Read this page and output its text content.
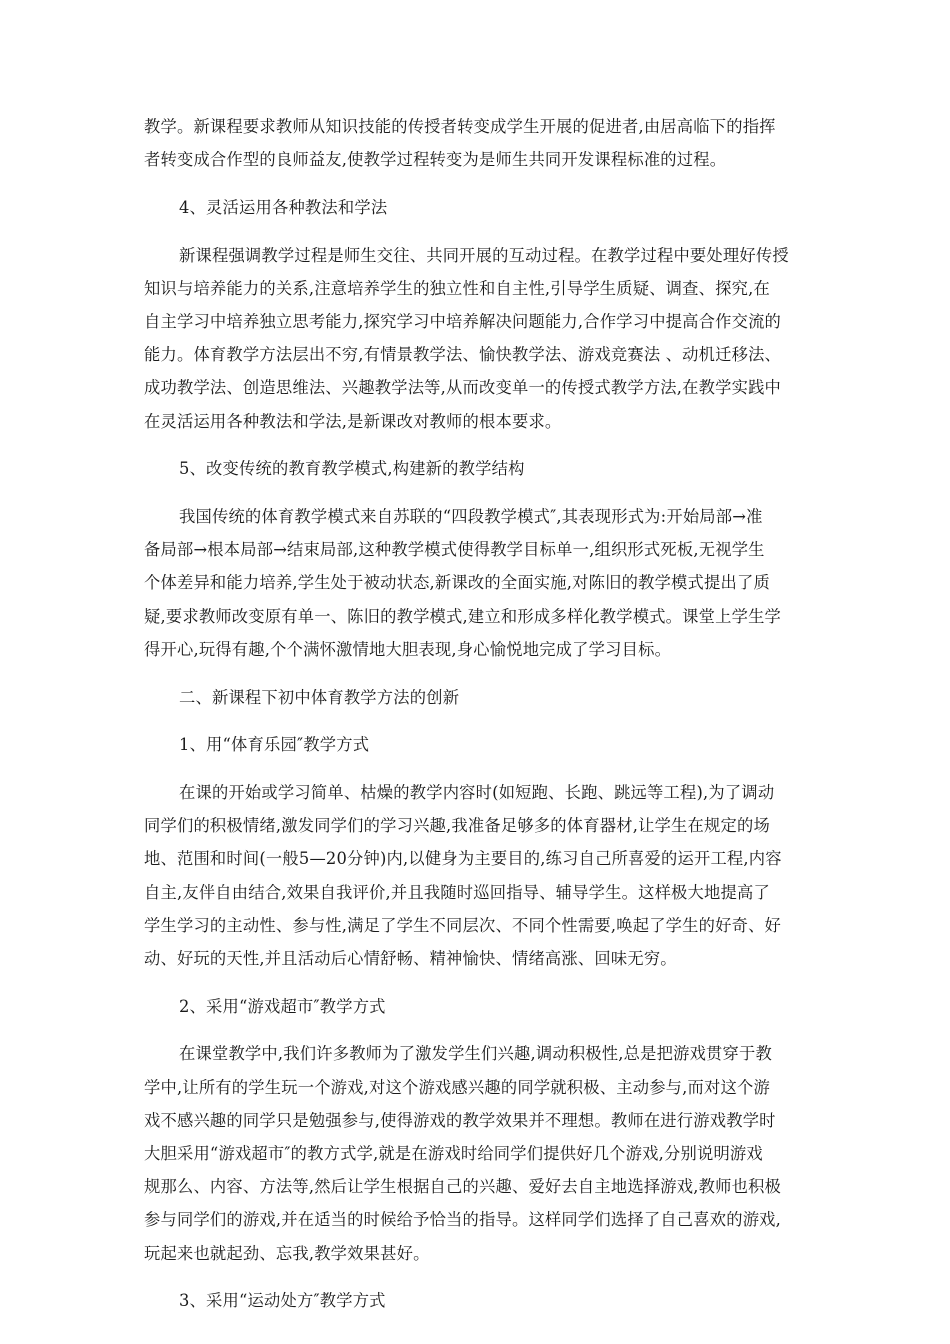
教学。新课程要求教师从知识技能的传授者转变成学生开展的促进者,由居高临下的指挥
者转变成合作型的良师益友,使教学过程转变为是师生共同开发课程标准的过程。
4、灵活运用各种教法和学法
新课程强调教学过程是师生交往、共同开展的互动过程。在教学过程中要处理好传授
知识与培养能力的关系,注意培养学生的独立性和自主性,引导学生质疑、调查、探究,在
自主学习中培养独立思考能力,探究学习中培养解决问题能力,合作学习中提高合作交流的
能力。体育教学方法层出不穷,有情景教学法、愉快教学法、游戏竞赛法 、动机迁移法、
成功教学法、创造思维法、兴趣教学法等,从而改变单一的传授式教学方法,在教学实践中
在灵活运用各种教法和学法,是新课改对教师的根本要求。
5、改变传统的教育教学模式,构建新的教学结构
我国传统的体育教学模式来自苏联的“四段教学模式″,其表现形式为:开始局部→准
备局部→根本局部→结束局部,这种教学模式使得教学目标单一,组织形式死板,无视学生
个体差异和能力培养,学生处于被动状态,新课改的全面实施,对陈旧的教学模式提出了质
疑,要求教师改变原有单一、陈旧的教学模式,建立和形成多样化教学模式。课堂上学生学
得开心,玩得有趣,个个满怀激情地大胆表现,身心愉悦地完成了学习目标。
二、新课程下初中体育教学方法的创新
1、用“体育乐园″教学方式
在课的开始或学习简单、枯燥的教学内容时(如短跑、长跑、跳远等工程),为了调动
同学们的积极情绪,激发同学们的学习兴趣,我准备足够多的体育器材,让学生在规定的场
地、范围和时间(一般5—20分钟)内,以健身为主要目的,练习自己所喜爱的运开工程,内容
自主,友伴自由结合,效果自我评价,并且我随时巡回指导、辅导学生。这样极大地提高了
学生学习的主动性、参与性,满足了学生不同层次、不同个性需要,唤起了学生的好奇、好
动、好玩的天性,并且活动后心情舒畅、精神愉快、情绪高涨、回味无穷。
2、采用“游戏超市″教学方式
在课堂教学中,我们许多教师为了激发学生们兴趣,调动积极性,总是把游戏贯穿于教
学中,让所有的学生玩一个游戏,对这个游戏感兴趣的同学就积极、主动参与,而对这个游
戏不感兴趣的同学只是勉强参与,使得游戏的教学效果并不理想。教师在进行游戏教学时
大胆采用“游戏超市″的教方式学,就是在游戏时给同学们提供好几个游戏,分别说明游戏
规那么、内容、方法等,然后让学生根据自己的兴趣、爱好去自主地选择游戏,教师也积极
参与同学们的游戏,并在适当的时候给予恰当的指导。这样同学们选择了自己喜欢的游戏,
玩起来也就起劲、忘我,教学效果甚好。
3、采用“运动处方″教学方式
